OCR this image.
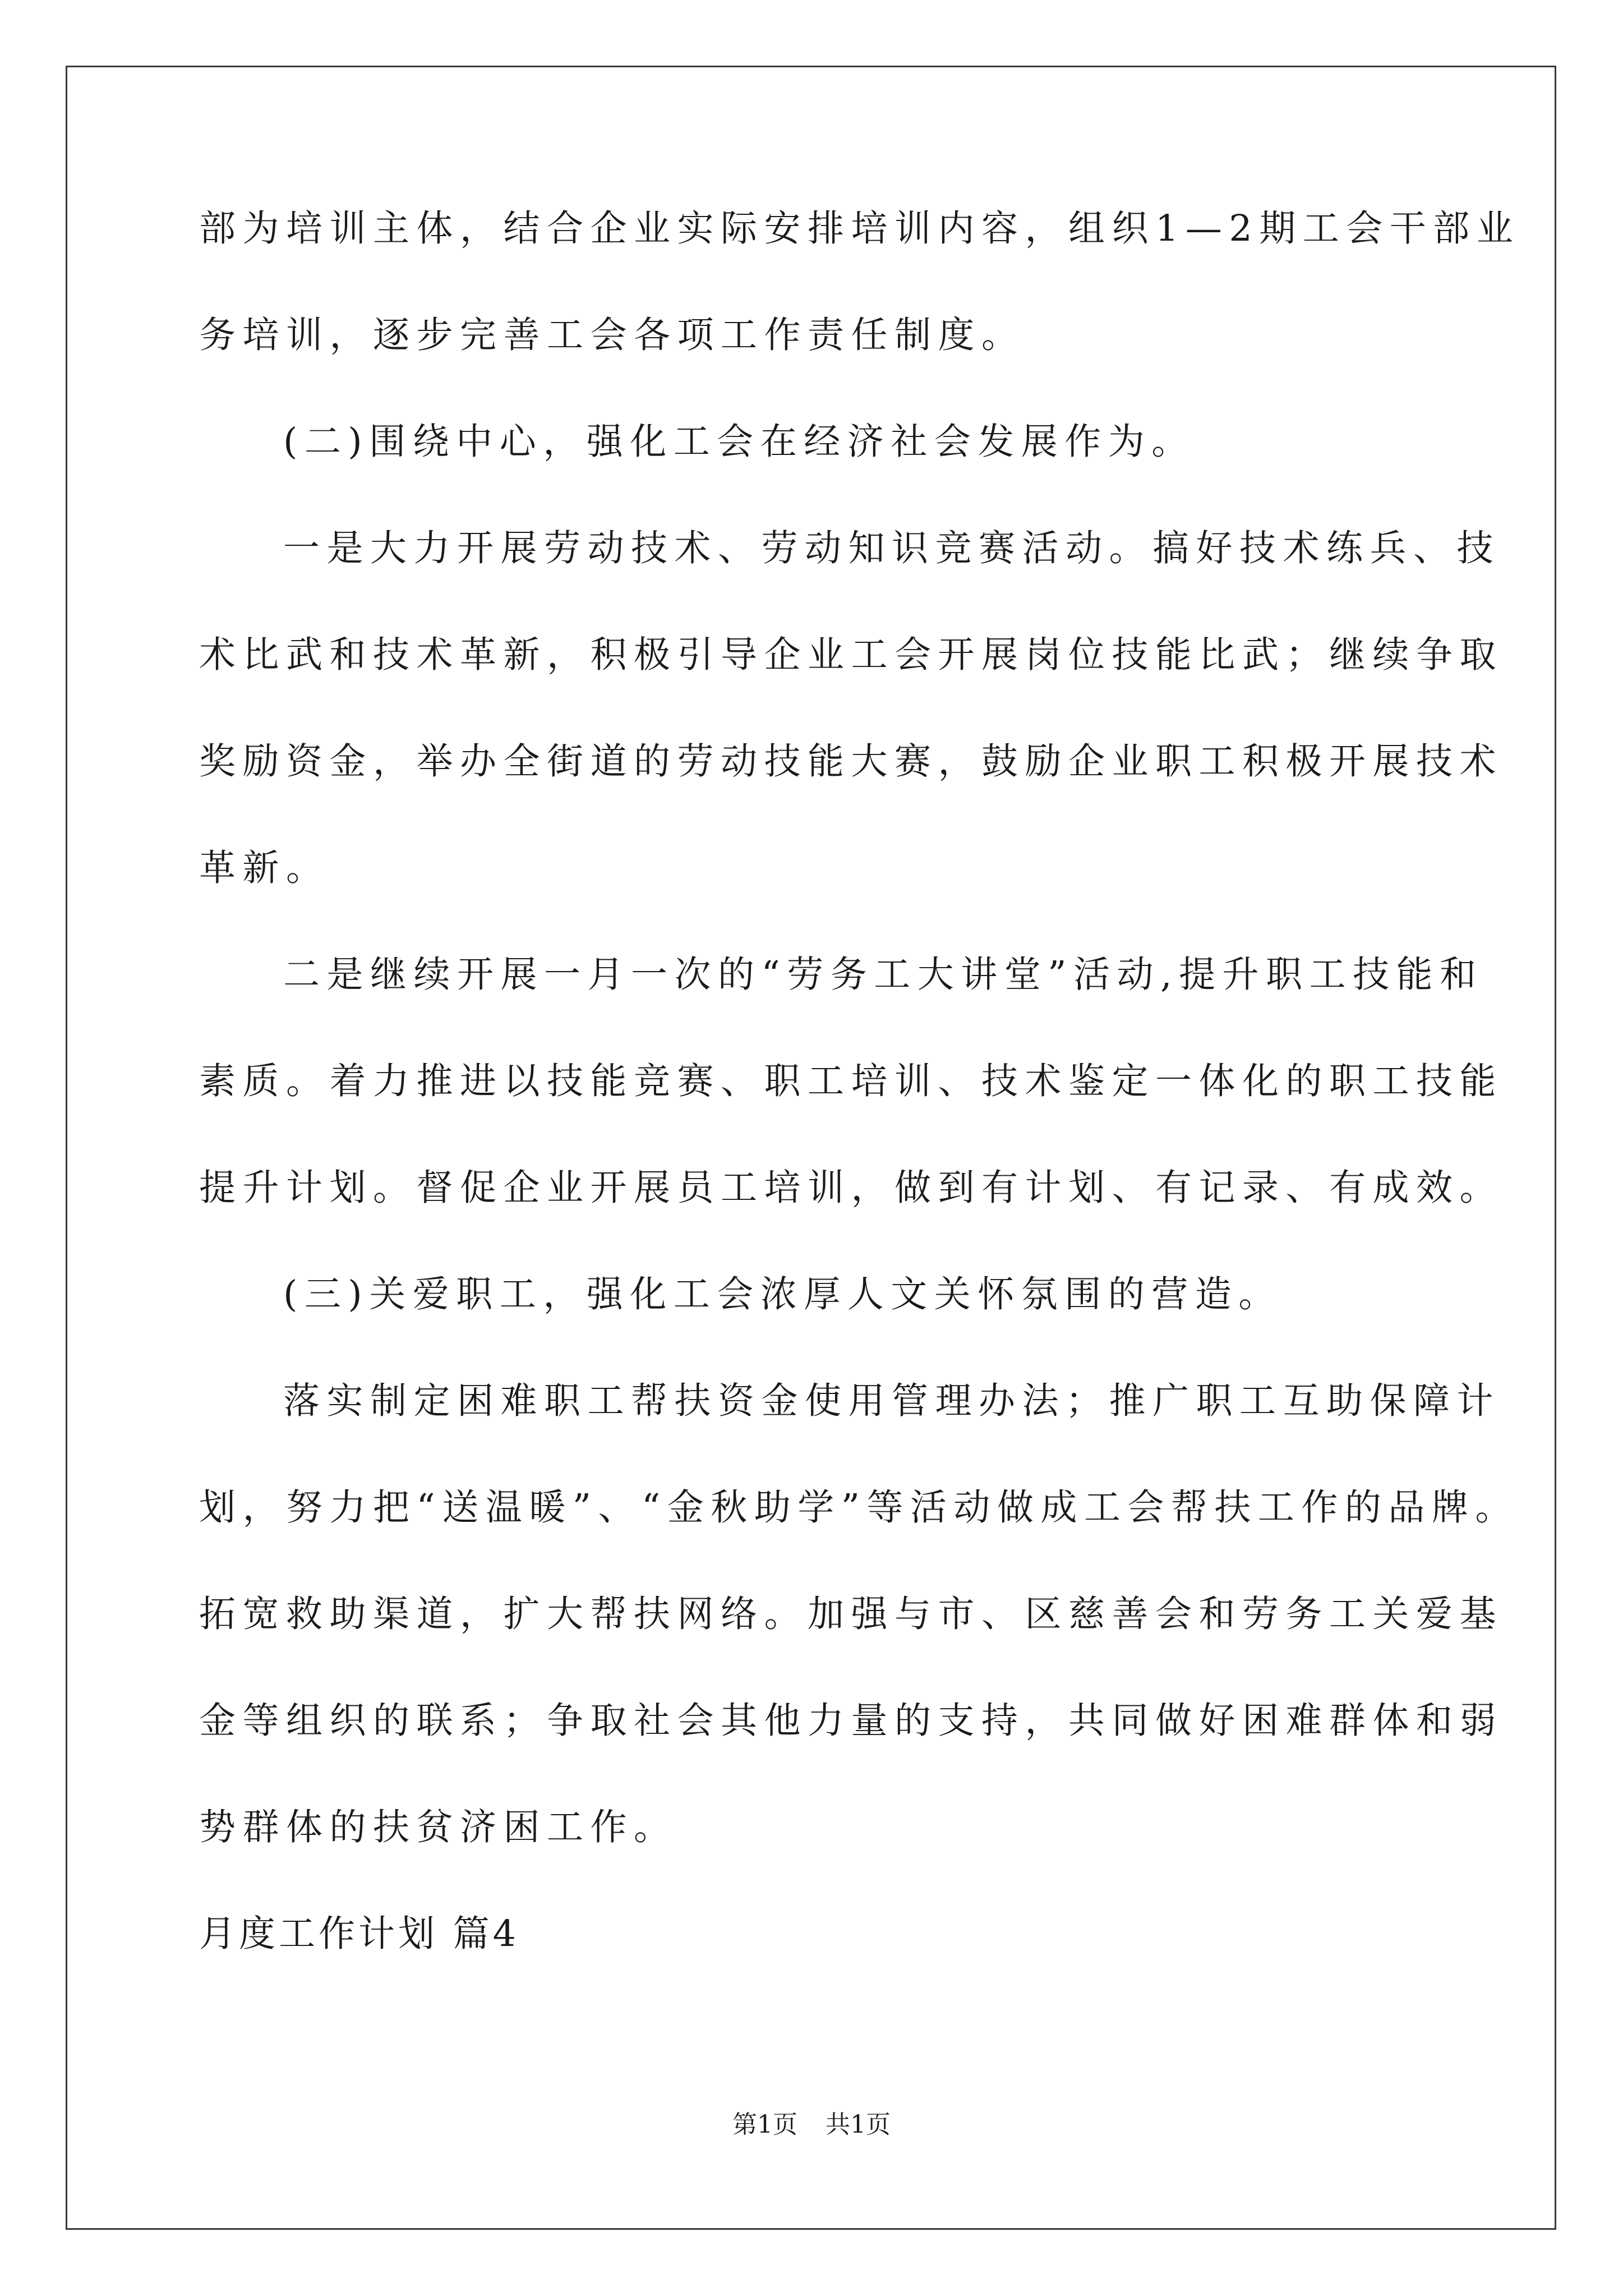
部为培训主体，结合企业实际安排培训内容，组织1—2期工会干部业

务培训，逐步完善工会各项工作责任制度。

(二)围绕中心，强化工会在经济社会发展作为。

一是大力开展劳动技术、劳动知识竞赛活动。搞好技术练兵、技

术比武和技术革新，积极引导企业工会开展岗位技能比武；继续争取

奖励资金，举办全街道的劳动技能大赛，鼓励企业职工积极开展技术

革新。

二是继续开展一月一次的“劳务工大讲堂”活动,提升职工技能和

素质。着力推进以技能竞赛、职工培训、技术鉴定一体化的职工技能

提升计划。督促企业开展员工培训，做到有计划、有记录、有成效。

(三)关爱职工，强化工会浓厚人文关怀氛围的营造。

落实制定困难职工帮扶资金使用管理办法；推广职工互助保障计

划，努力把“送温暖”、“金秋助学”等活动做成工会帮扶工作的品牌。

拓宽救助渠道，扩大帮扶网络。加强与市、区慈善会和劳务工关爱基

金等组织的联系；争取社会其他力量的支持，共同做好困难群体和弱

势群体的扶贫济困工作。

月度工作计划 篇4

第1页 共1页
